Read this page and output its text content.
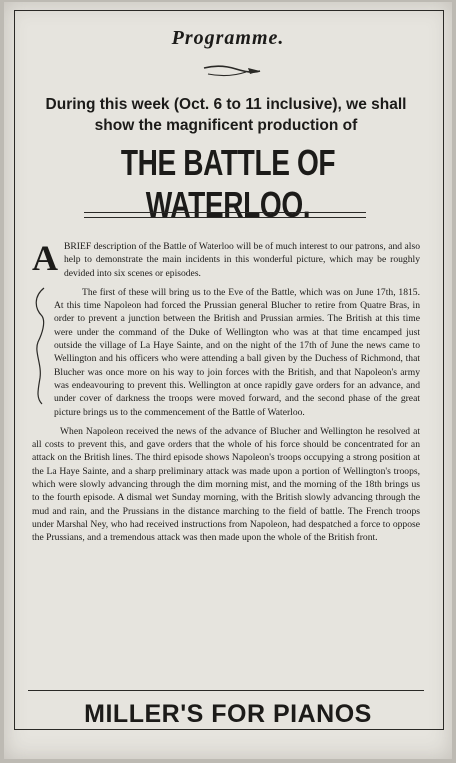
Programme.
During this week (Oct. 6 to 11 inclusive), we shall show the magnificent production of
THE BATTLE OF WATERLOO.

A BRIEF description of the Battle of Waterloo will be of much interest to our patrons, and also help to demonstrate the main incidents in this wonderful picture, which may be roughly devided into six scenes or episodes.

The first of these will bring us to the Eve of the Battle, which was on June 17th, 1815. At this time Napoleon had forced the Prussian general Blucher to retire from Quatre Bras, in order to prevent a junction between the British and Prussian armies. The British at this time were under the command of the Duke of Wellington who was at that time encamped just outside the village of La Haye Sainte, and on the night of the 17th of June the news came to Wellington and his officers who were attending a ball given by the Duchess of Richmond, that Blucher was once more on his way to join forces with the British, and that Napoleon's army was endeavouring to prevent this. Wellington at once rapidly gave orders for an advance, and under cover of darkness the troops were moved forward, and the second phase of the great picture brings us to the commencement of the Battle of Waterloo.

When Napoleon received the news of the advance of Blucher and Wellington he resolved at all costs to prevent this, and gave orders that the whole of his force should be concentrated for an attack on the British lines. The third episode shows Napoleon's troops occupying a strong position at the La Haye Sainte, and a sharp preliminary attack was made upon a portion of Wellington's troops, which were slowly advancing through the dim morning mist, and the morning of the 18th brings us to the fourth episode. A dismal wet Sunday morning, with the British slowly advancing through the mud and rain, and the Prussians in the distance marching to the field of battle. The French troops under Marshal Ney, who had received instructions from Napoleon, had despatched a force to oppose the Prussians, and a tremendous attack was then made upon the whole of the British front.

MILLER'S FOR PIANOS
